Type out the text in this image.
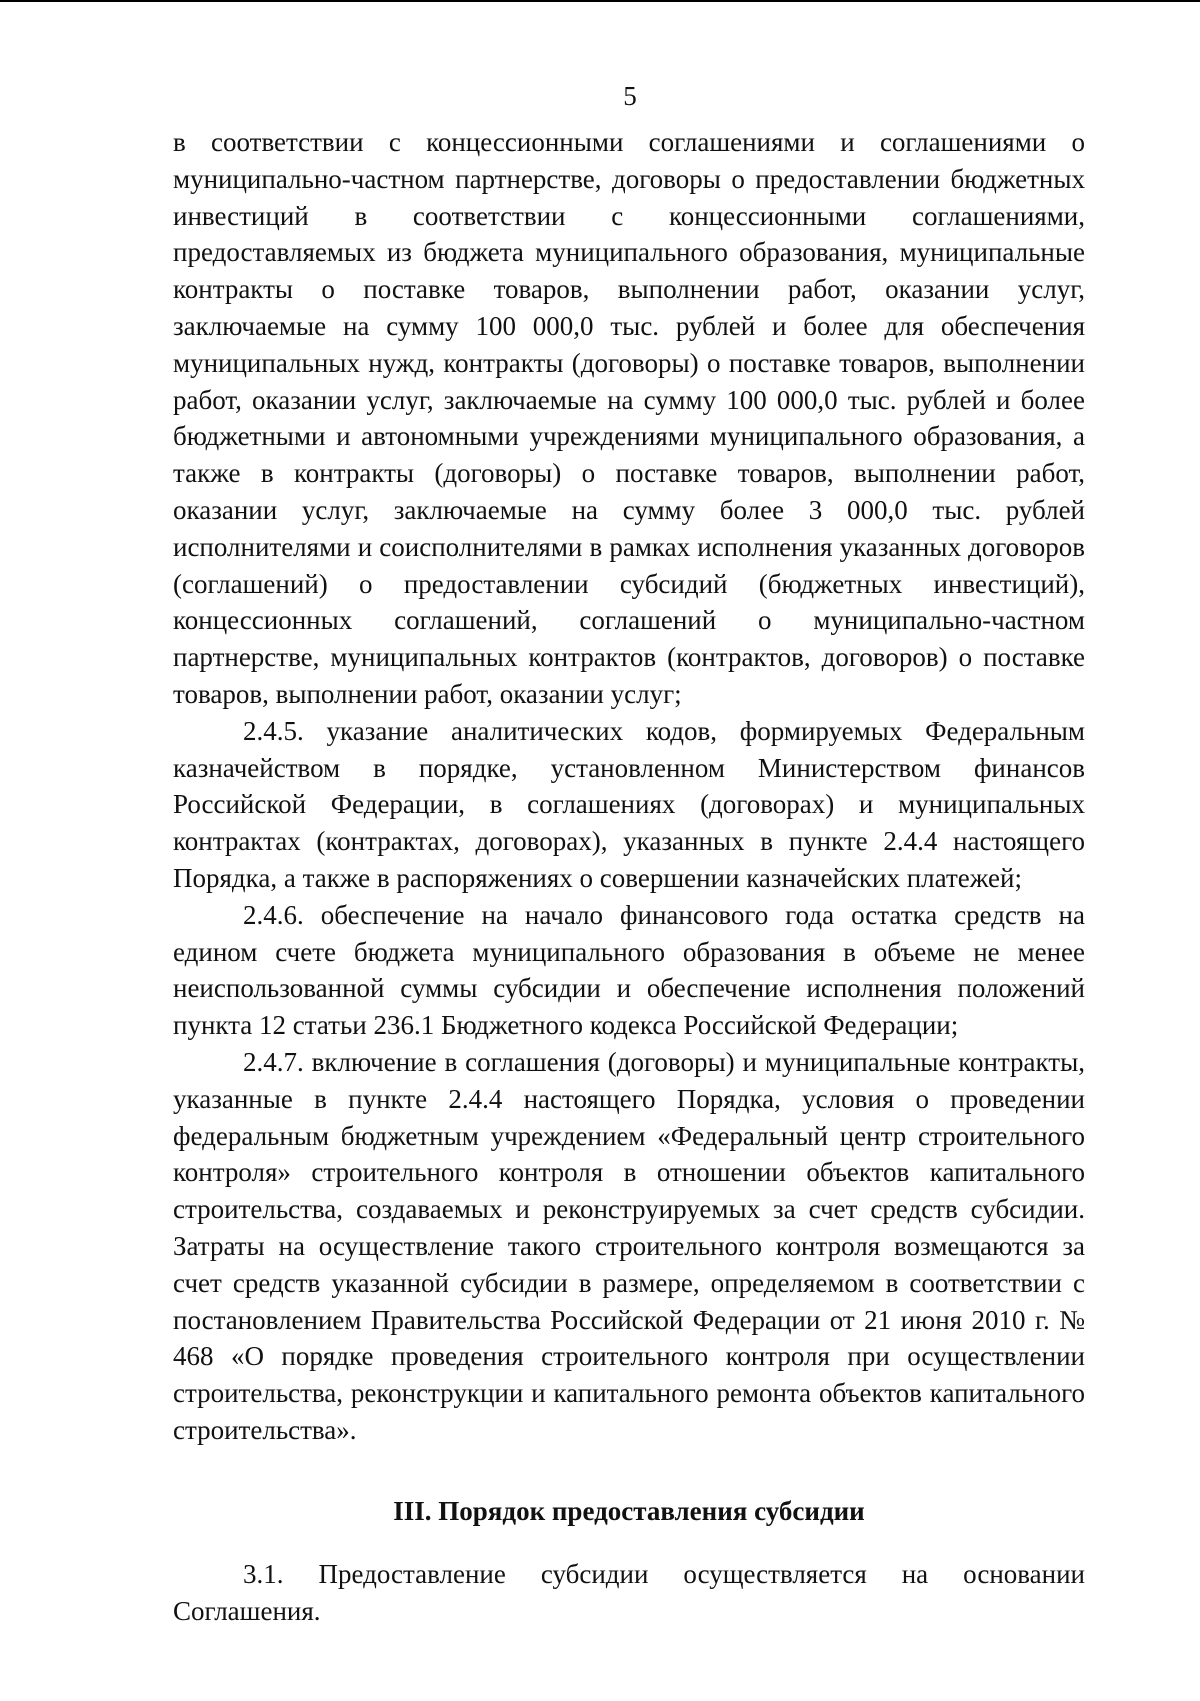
5

в соответствии с концессионными соглашениями и соглашениями о муниципально-частном партнерстве, договоры о предоставлении бюджетных инвестиций в соответствии с концессионными соглашениями, предоставляемых из бюджета муниципального образования, муниципальные контракты о поставке товаров, выполнении работ, оказании услуг, заключаемые на сумму 100 000,0 тыс. рублей и более для обеспечения муниципальных нужд, контракты (договоры) о поставке товаров, выполнении работ, оказании услуг, заключаемые на сумму 100 000,0 тыс. рублей и более бюджетными и автономными учреждениями муниципального образования, а также в контракты (договоры) о поставке товаров, выполнении работ, оказании услуг, заключаемые на сумму более 3 000,0 тыс. рублей исполнителями и соисполнителями в рамках исполнения указанных договоров (соглашений) о предоставлении субсидий (бюджетных инвестиций), концессионных соглашений, соглашений о муниципально-частном партнерстве, муниципальных контрактов (контрактов, договоров) о поставке товаров, выполнении работ, оказании услуг;

2.4.5. указание аналитических кодов, формируемых Федеральным казначейством в порядке, установленном Министерством финансов Российской Федерации, в соглашениях (договорах) и муниципальных контрактах (контрактах, договорах), указанных в пункте 2.4.4 настоящего Порядка, а также в распоряжениях о совершении казначейских платежей;

2.4.6. обеспечение на начало финансового года остатка средств на едином счете бюджета муниципального образования в объеме не менее неиспользованной суммы субсидии и обеспечение исполнения положений пункта 12 статьи 236.1 Бюджетного кодекса Российской Федерации;

2.4.7. включение в соглашения (договоры) и муниципальные контракты, указанные в пункте 2.4.4 настоящего Порядка, условия о проведении федеральным бюджетным учреждением «Федеральный центр строительного контроля» строительного контроля в отношении объектов капитального строительства, создаваемых и реконструируемых за счет средств субсидии. Затраты на осуществление такого строительного контроля возмещаются за счет средств указанной субсидии в размере, определяемом в соответствии с постановлением Правительства Российской Федерации от 21 июня 2010 г. № 468 «О порядке проведения строительного контроля при осуществлении строительства, реконструкции и капитального ремонта объектов капитального строительства».

III. Порядок предоставления субсидии

3.1. Предоставление субсидии осуществляется на основании Соглашения.
